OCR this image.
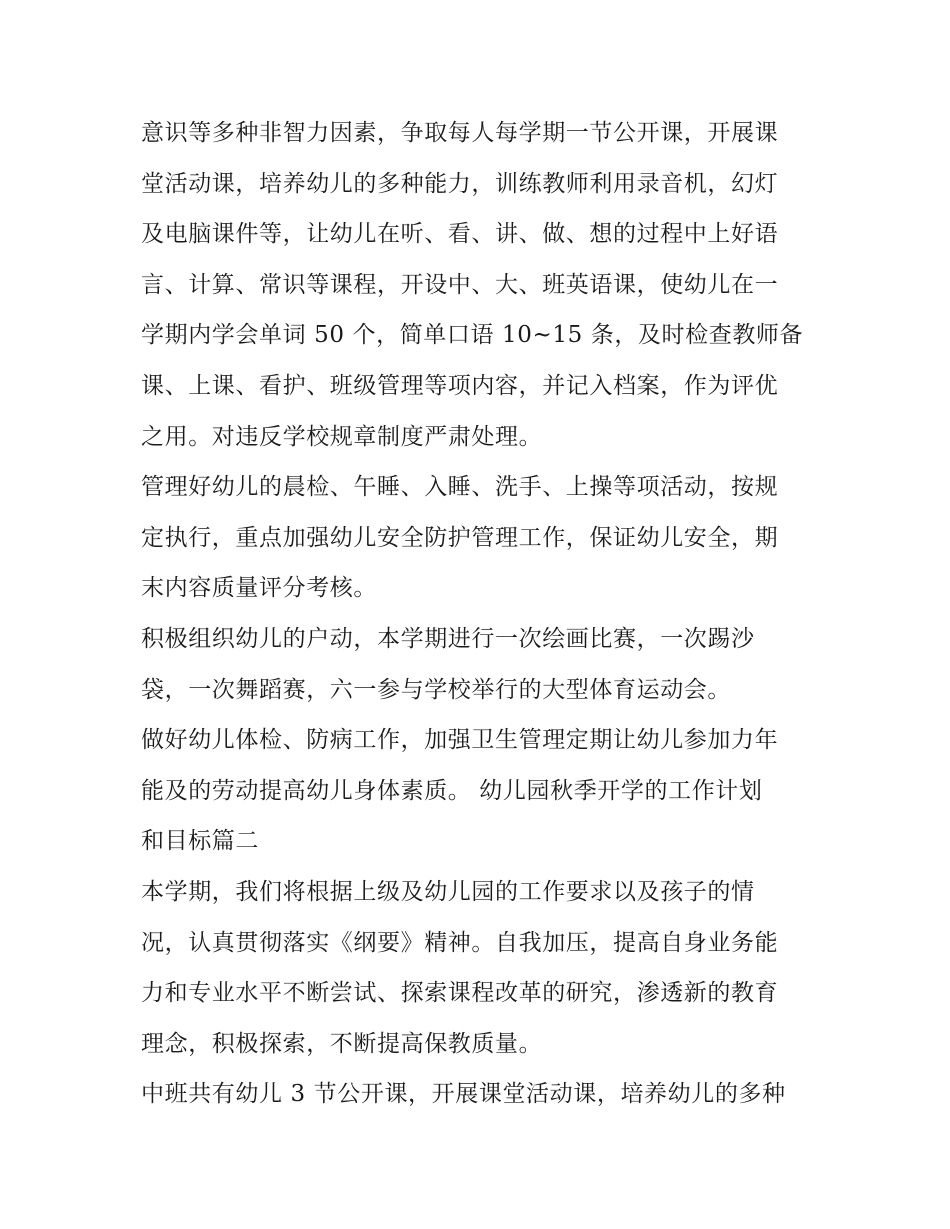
意识等多种非智力因素，争取每人每学期一节公开课，开展课
堂活动课，培养幼儿的多种能力，训练教师利用录音机，幻灯
及电脑课件等，让幼儿在听、看、讲、做、想的过程中上好语
言、计算、常识等课程，开设中、大、班英语课，使幼儿在一
学期内学会单词 50 个，简单口语 10~15 条，及时检查教师备
课、上课、看护、班级管理等项内容，并记入档案，作为评优
之用。对违反学校规章制度严肃处理。
管理好幼儿的晨检、午睡、入睡、洗手、上操等项活动，按规
定执行，重点加强幼儿安全防护管理工作，保证幼儿安全，期
末内容质量评分考核。
积极组织幼儿的户动，本学期进行一次绘画比赛，一次踢沙
袋，一次舞蹈赛，六一参与学校举行的大型体育运动会。
做好幼儿体检、防病工作，加强卫生管理定期让幼儿参加力年
能及的劳动提高幼儿身体素质。 幼儿园秋季开学的工作计划
和目标篇二
本学期，我们将根据上级及幼儿园的工作要求以及孩子的情
况，认真贯彻落实《纲要》精神。自我加压，提高自身业务能
力和专业水平不断尝试、探索课程改革的研究，渗透新的教育
理念，积极探索，不断提高保教质量。
中班共有幼儿 3 节公开课，开展课堂活动课，培养幼儿的多种
